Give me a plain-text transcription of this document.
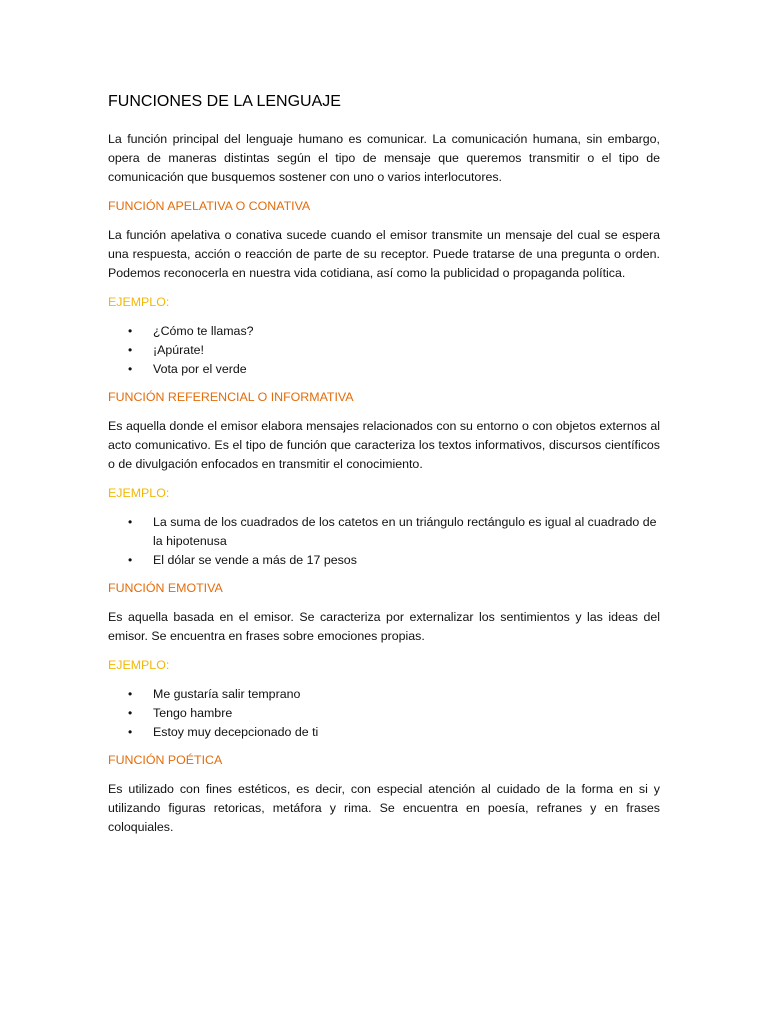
FUNCIONES DE LA LENGUAJE

La función principal del lenguaje humano es comunicar. La comunicación humana, sin embargo, opera de maneras distintas según el tipo de mensaje que queremos transmitir o el tipo de comunicación que busquemos sostener con uno o varios interlocutores.

FUNCIÓN APELATIVA O CONATIVA

La función apelativa o conativa sucede cuando el emisor transmite un mensaje del cual se espera una respuesta, acción o reacción de parte de su receptor. Puede tratarse de una pregunta o orden. Podemos reconocerla en nuestra vida cotidiana, así como la publicidad o propaganda política.

EJEMPLO:
• ¿Cómo te llamas?
• ¡Apúrate!
• Vota por el verde
FUNCIÓN REFERENCIAL O INFORMATIVA

Es aquella donde el emisor elabora mensajes relacionados con su entorno o con objetos externos al acto comunicativo. Es el tipo de función que caracteriza los textos informativos, discursos científicos o de divulgación enfocados en transmitir el conocimiento.

EJEMPLO:
• La suma de los cuadrados de los catetos en un triángulo rectángulo es igual al cuadrado de la hipotenusa
• El dólar se vende a más de 17 pesos
FUNCIÓN EMOTIVA

Es aquella basada en el emisor. Se caracteriza por externalizar los sentimientos y las ideas del emisor. Se encuentra en frases sobre emociones propias.

EJEMPLO:
• Me gustaría salir temprano
• Tengo hambre
• Estoy muy decepcionado de ti
FUNCIÓN POÉTICA

Es utilizado con fines estéticos, es decir, con especial atención al cuidado de la forma en si y utilizando figuras retoricas, metáfora y rima. Se encuentra en poesía, refranes y en frases coloquiales.
